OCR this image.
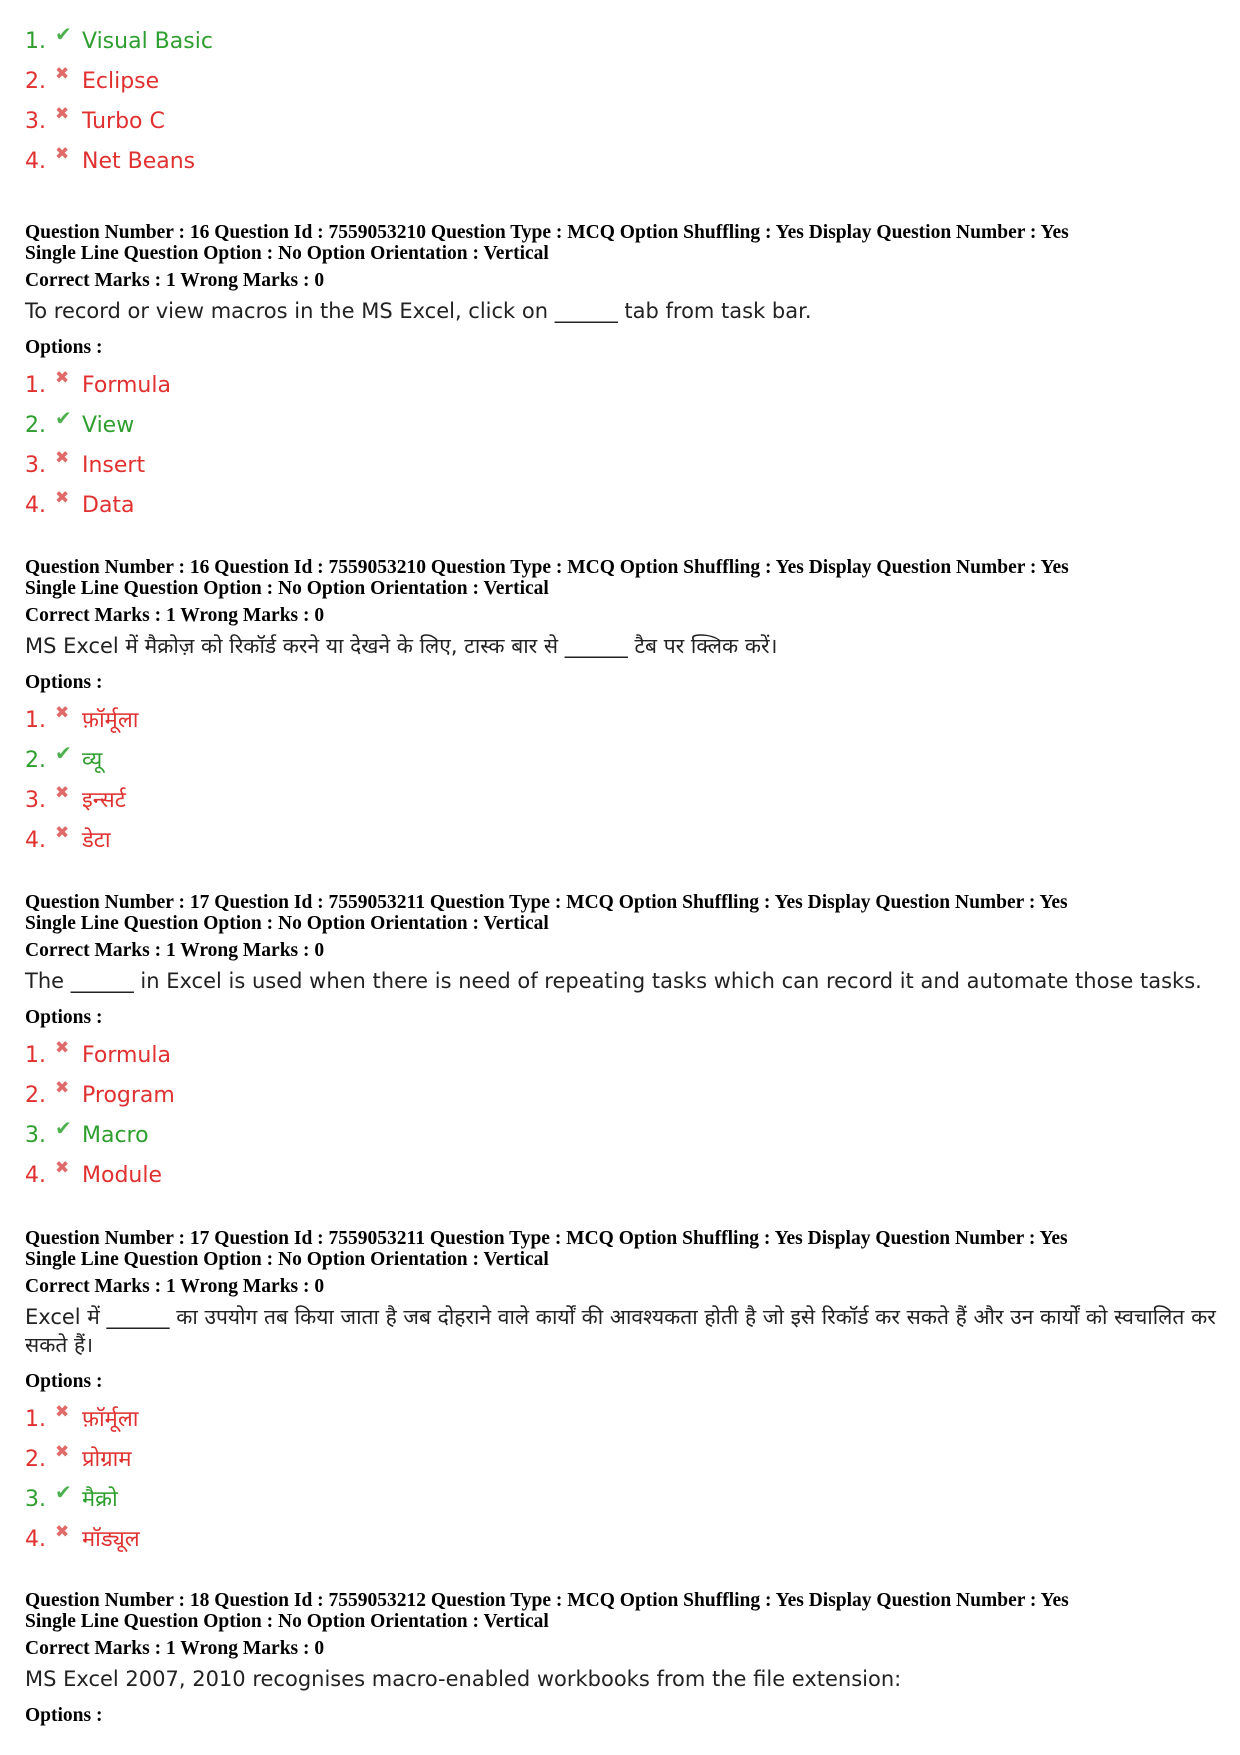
1. ✔ Visual Basic
2. ✖ Eclipse
3. ✖ Turbo C
4. ✖ Net Beans
Question Number : 16 Question Id : 7559053210 Question Type : MCQ Option Shuffling : Yes Display Question Number : Yes
Single Line Question Option : No Option Orientation : Vertical
Correct Marks : 1 Wrong Marks : 0
To record or view macros in the MS Excel, click on ______ tab from task bar.
Options :
1. ✖ Formula
2. ✔ View
3. ✖ Insert
4. ✖ Data
Question Number : 16 Question Id : 7559053210 Question Type : MCQ Option Shuffling : Yes Display Question Number : Yes
Single Line Question Option : No Option Orientation : Vertical
Correct Marks : 1 Wrong Marks : 0
MS Excel में मैक्रोज़ को रिकॉर्ड करने या देखने के लिए, टास्क बार से ______ टैब पर क्लिक करें।
Options :
1. ✖ फ़ॉर्मूला
2. ✔ व्यू
3. ✖ इन्सर्ट
4. ✖ डेटा
Question Number : 17 Question Id : 7559053211 Question Type : MCQ Option Shuffling : Yes Display Question Number : Yes
Single Line Question Option : No Option Orientation : Vertical
Correct Marks : 1 Wrong Marks : 0
The ______ in Excel is used when there is need of repeating tasks which can record it and automate those tasks.
Options :
1. ✖ Formula
2. ✖ Program
3. ✔ Macro
4. ✖ Module
Question Number : 17 Question Id : 7559053211 Question Type : MCQ Option Shuffling : Yes Display Question Number : Yes
Single Line Question Option : No Option Orientation : Vertical
Correct Marks : 1 Wrong Marks : 0
Excel में ______ का उपयोग तब किया जाता है जब दोहराने वाले कार्यों की आवश्यकता होती है जो इसे रिकॉर्ड कर सकते हैं और उन कार्यों को स्वचालित कर सकते हैं।
Options :
1. ✖ फ़ॉर्मूला
2. ✖ प्रोग्राम
3. ✔ मैक्रो
4. ✖ मॉड्यूल
Question Number : 18 Question Id : 7559053212 Question Type : MCQ Option Shuffling : Yes Display Question Number : Yes
Single Line Question Option : No Option Orientation : Vertical
Correct Marks : 1 Wrong Marks : 0
MS Excel 2007, 2010 recognises macro-enabled workbooks from the file extension:
Options :
